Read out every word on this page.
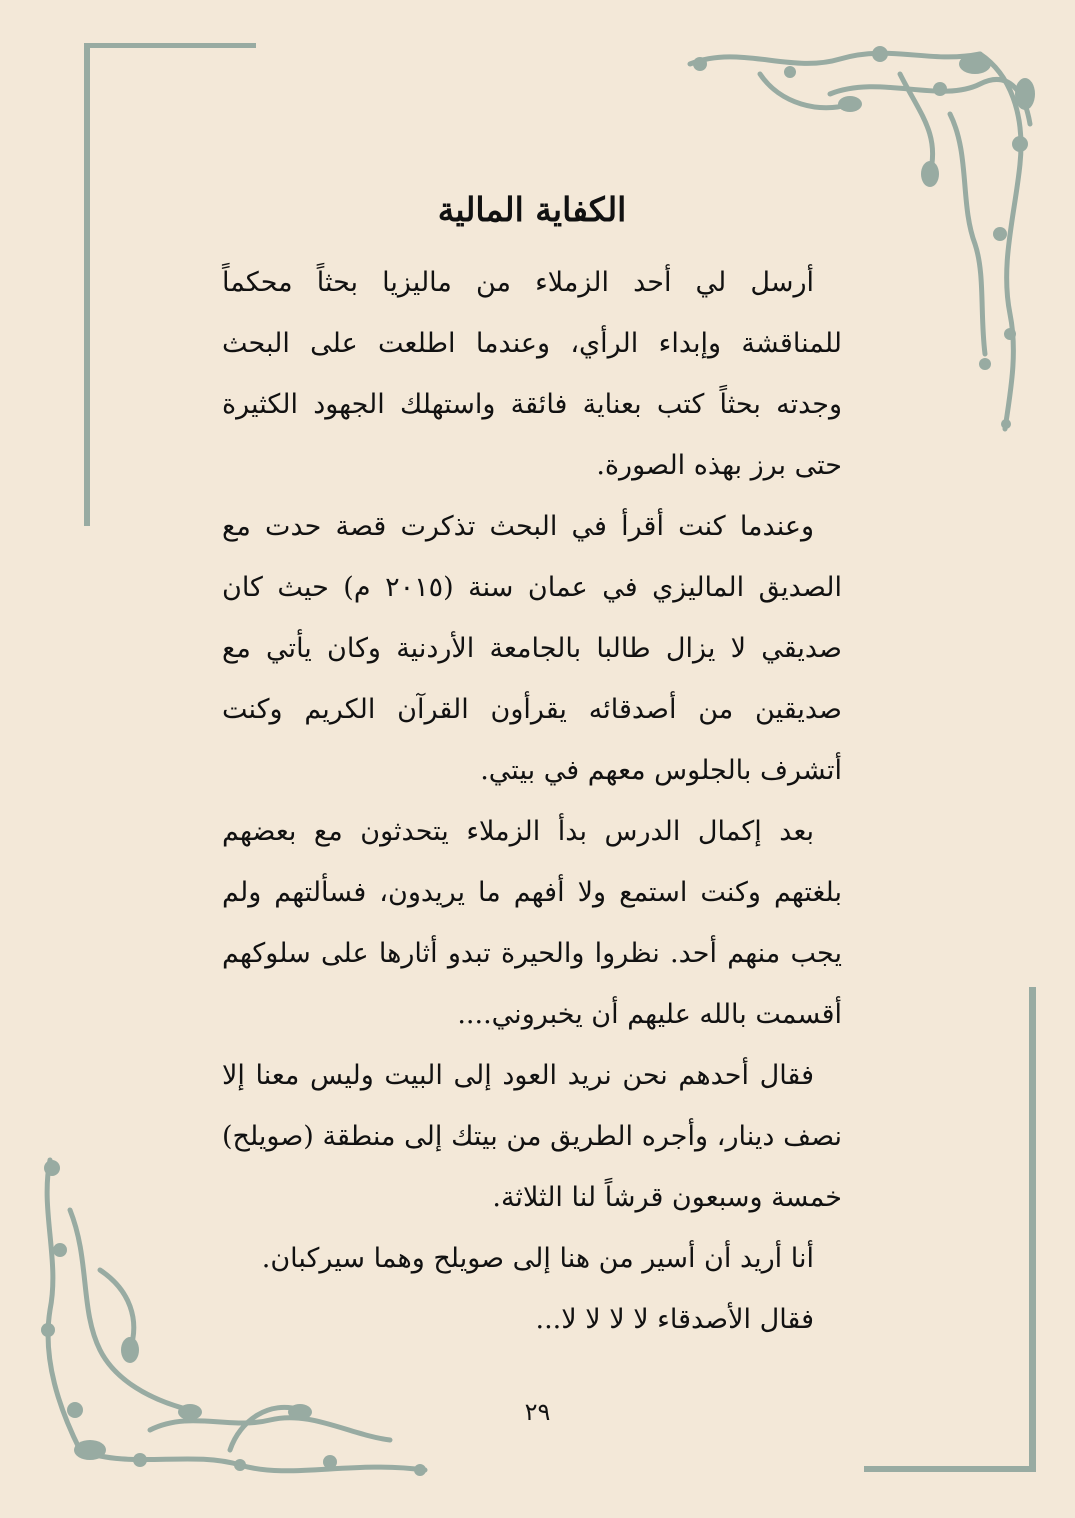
الكفاية المالية

أرسل لي أحد الزملاء من ماليزيا بحثاً محكماً للمناقشة وإبداء الرأي، وعندما اطلعت على البحث وجدته بحثاً كتب بعناية فائقة واستهلك الجهود الكثيرة حتى برز بهذه الصورة.

وعندما كنت أقرأ في البحث تذكرت قصة حدت مع الصديق الماليزي في عمان سنة (٢٠١٥ م) حيث كان صديقي لا يزال طالبا بالجامعة الأردنية وكان يأتي مع صديقين من أصدقائه يقرأون القرآن الكريم وكنت أتشرف بالجلوس معهم في بيتي.

بعد إكمال الدرس بدأ الزملاء يتحدثون مع بعضهم بلغتهم وكنت استمع ولا أفهم ما يريدون، فسألتهم ولم يجب منهم أحد. نظروا والحيرة تبدو أثارها على سلوكهم أقسمت بالله عليهم أن يخبروني....

فقال أحدهم نحن نريد العود إلى البيت وليس معنا إلا نصف دينار، وأجره الطريق من بيتك إلى منطقة (صويلح) خمسة وسبعون قرشاً لنا الثلاثة.

أنا أريد أن أسير من هنا إلى صويلح وهما سيركبان.

فقال الأصدقاء لا لا لا لا...

٢٩
